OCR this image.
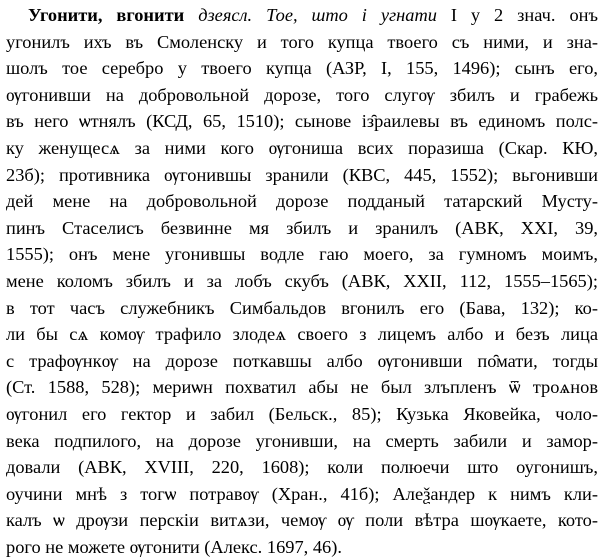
Угонити, вгонити дзеясл. Тое, што і угнати I у 2 знач. онъ
угонилъ ихъ въ Смоленску и того купца твоего съ ними, и зна-
шолъ тое серебро у твоего купца (АЗР, I, 155, 1496); сынъ его,
ѹгонивши на добровольной дорозе, того слугѹ збилъ и грабежь
въ него ѡтнялъ (КСД, 65, 1510); сынове із̑раилевы въ единомъ полс-
ку женущесѧ за ними кого ѹгониша всих поразиша (Скар. КЮ,
23б); противника ѹгонившы зранили (КВС, 445, 1552); вьгонивши
дей мене на добровольной дорозе подданый татарский Мусту-
пинъ Стаселисъ безвинне мя збилъ и зранилъ (АВК, XXI, 39,
1555); онъ мене угонившы водле гаю моего, за гумномъ моимъ,
мене коломъ збилъ и за лобъ скубъ (АВК, XXII, 112, 1555–1565);
в тот часъ служебникъ Симбальдов вгонилъ его (Бава, 132); ко-
ли бы сѧ комѹ трафило злодеѧ своего з лицемъ албо и безъ лица
с трафѹнкѹ на дорозе поткавшы албо ѹгонивши по̑мати, тогды
(Ст. 1588, 528); мериѡн похватил абы не был злъпленъ ѿ троѧнов
ѹгонил его гектор и забил (Бельск., 85); Кузька Яковейка, чоло-
века подпилого, на дорозе угонивши, на смерть забили и замор-
довали (АВК, XVIII, 220, 1608); коли полюечи што оугонишъ,
оучини мнѣ з тогѡ потравѹ (Хран., 41б); Алеѯандер к нимъ кли-
калъ ѡ дрѹзи перскіи витѧзи, чемѹ ѹ поли вѣтра шѹкаете, кото-
рого не можете ѹгонити (Алекс. 1697, 46).
